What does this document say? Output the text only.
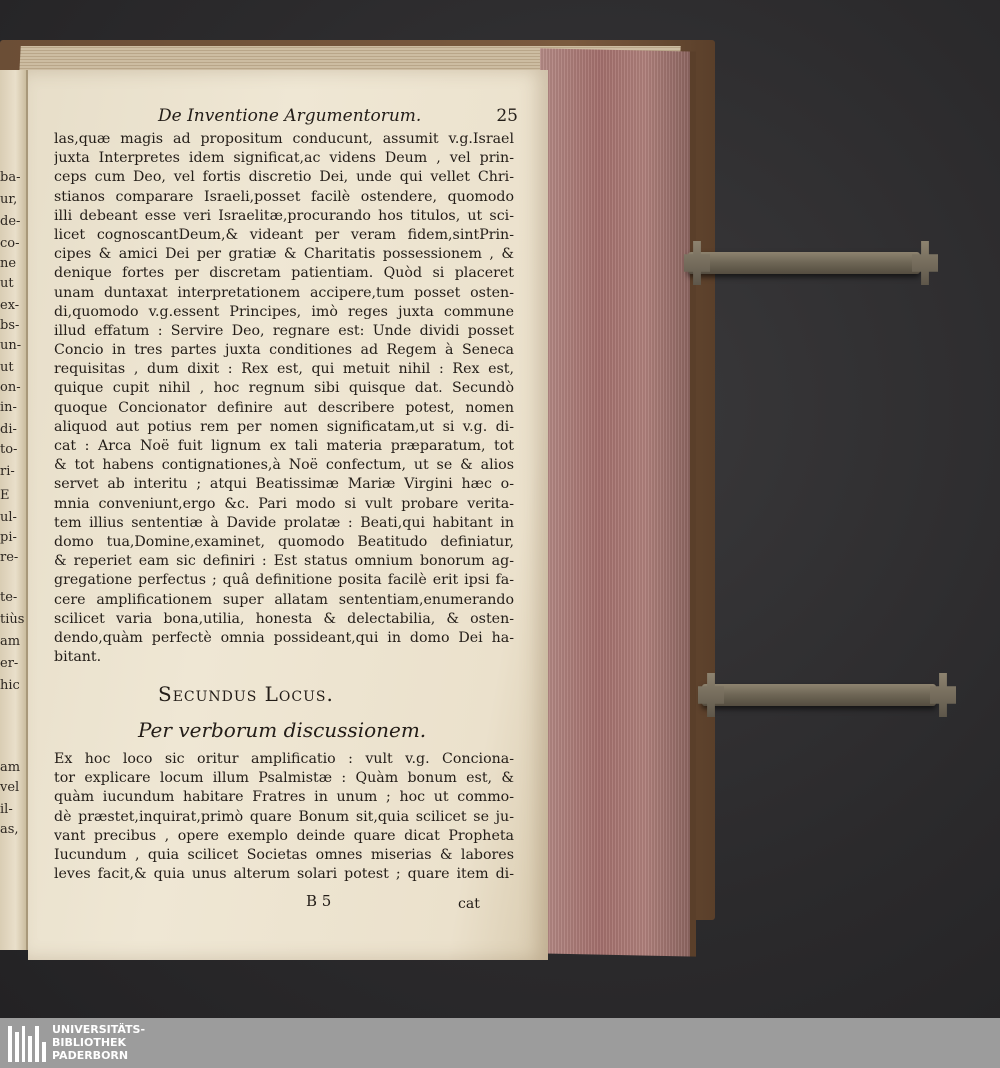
ba-
ur,
de-
co-
ne
ut
ex-
bs-
un-
ut
on-
in-
di-
to-
ri-
E
ul-
pi-
re-
te-
tiùs
am
er-
hic
am
vel
il-
as,
De Inventione Argumentorum.	25
las,quæ magis ad propositum conducunt, assumit v.g.Israel
juxta Interpretes idem significat,ac videns Deum , vel prin-
ceps cum Deo, vel fortis discretio Dei, unde qui vellet Chri-
stianos comparare Israeli,posset facilè ostendere, quomodo
illi debeant esse veri Israelitæ,procurando hos titulos, ut sci-
licet cognoscantDeum,& videant per veram fidem,sintPrin-
cipes & amici Dei per gratiæ & Charitatis possessionem , &
denique fortes per discretam patientiam. Quòd si placeret
unam duntaxat interpretationem accipere,tum posset osten-
di,quomodo v.g.essent Principes, imò reges juxta commune
illud effatum : Servire Deo, regnare est: Unde dividi posset
Concio in tres partes juxta conditiones ad Regem à Seneca
requisitas , dum dixit : Rex est, qui metuit nihil : Rex est,
quique cupit nihil , hoc regnum sibi quisque dat. Secundò
quoque Concionator definire aut describere potest, nomen
aliquod aut potius rem per nomen significatam,ut si v.g. di-
cat : Arca Noë fuit lignum ex tali materia præparatum, tot
& tot habens contignationes,à Noë confectum, ut se & alios
servet ab interitu ; atqui Beatissimæ Mariæ Virgini hæc o-
mnia conveniunt,ergo &c. Pari modo si vult probare verita-
tem illius sententiæ à Davide prolatæ : Beati,qui habitant in
domo tua,Domine,examinet, quomodo Beatitudo definiatur,
& reperiet eam sic definiri : Est status omnium bonorum ag-
gregatione perfectus ; quâ definitione posita facilè erit ipsi fa-
cere amplificationem super allatam sententiam,enumerando
scilicet varia bona,utilia, honesta & delectabilia, & osten-
dendo,quàm perfectè omnia possideant,qui in domo Dei ha-
bitant.
Secundus Locus.
Per verborum discussionem.
Ex hoc loco sic oritur amplificatio : vult v.g. Conciona-
tor explicare locum illum Psalmistæ : Quàm bonum est, &
quàm iucundum habitare Fratres in unum ; hoc ut commo-
dè præstet,inquirat,primò quare Bonum sit,quia scilicet se ju-
vant precibus , opere exemplo deinde quare dicat Propheta
Iucundum , quia scilicet Societas omnes miserias & labores
leves facit,& quia unus alterum solari potest ; quare item di-
B 5	cat
UNIVERSITÄTS-
BIBLIOTHEK
PADERBORN
